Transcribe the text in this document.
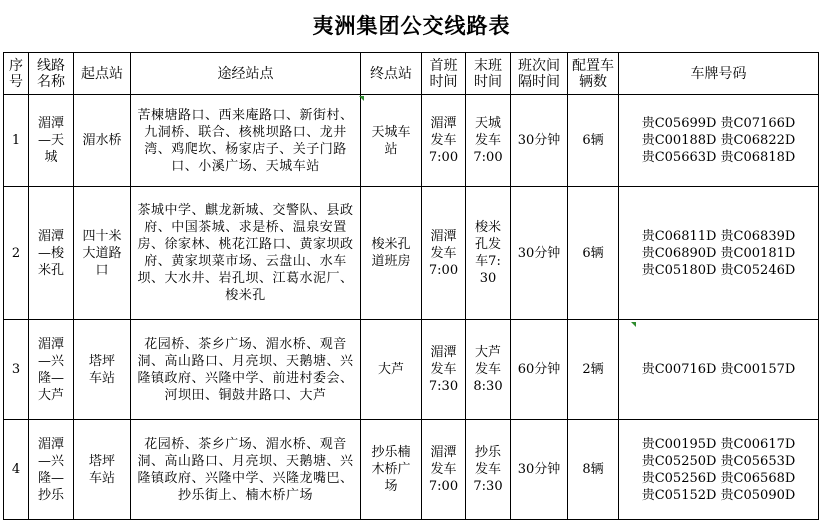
夷洲集团公交线路表
序号	线路名称	起点站	途经站点	终点站	首班时间	末班时间	班次间隔时间	配置车辆数	车牌号码
1	湄潭—天城	湄水桥	苦楝塘路口、西来庵路口、新街村、九洞桥、联合、核桃坝路口、龙井湾、鸡爬坎、杨家店子、关子门路口、小溪广场、天城车站	天城车站	湄潭发车7:00	天城发车7:00	30分钟	6辆	贵C05699D 贵C07166D
贵C00188D 贵C06822D
贵C05663D 贵C06818D

2	湄潭—梭米孔	四十米大道路口	茶城中学、麒龙新城、交警队、县政府、中国茶城、求是桥、温泉安置房、徐家林、桃花江路口、黄家坝政府、黄家坝菜市场、云盘山、水车坝、大水井、岩孔坝、江葛水泥厂、梭米孔	梭米孔道班房	湄潭发车7:00	梭米孔发车7:30	30分钟	6辆	贵C06811D 贵C06839D
贵C06890D 贵C00181D
贵C05180D 贵C05246D

3	湄潭—兴隆—大芦	塔坪车站	花园桥、茶乡广场、湄水桥、观音洞、高山路口、月亮坝、天鹅塘、兴隆镇政府、兴隆中学、前进村委会、河坝田、铜鼓井路口、大芦	大芦	湄潭发车7:30	大芦发车8:30	60分钟	2辆	贵C00716D 贵C00157D

4	湄潭—兴隆—抄乐	塔坪车站	花园桥、茶乡广场、湄水桥、观音洞、高山路口、月亮坝、天鹅塘、兴隆镇政府、兴隆中学、兴隆龙嘴巴、抄乐街上、楠木桥广场	抄乐楠木桥广场	湄潭发车7:00	抄乐发车7:30	30分钟	8辆	贵C00195D 贵C00617D
贵C05250D 贵C05653D
贵C05256D 贵C06568D
贵C05152D 贵C05090D
